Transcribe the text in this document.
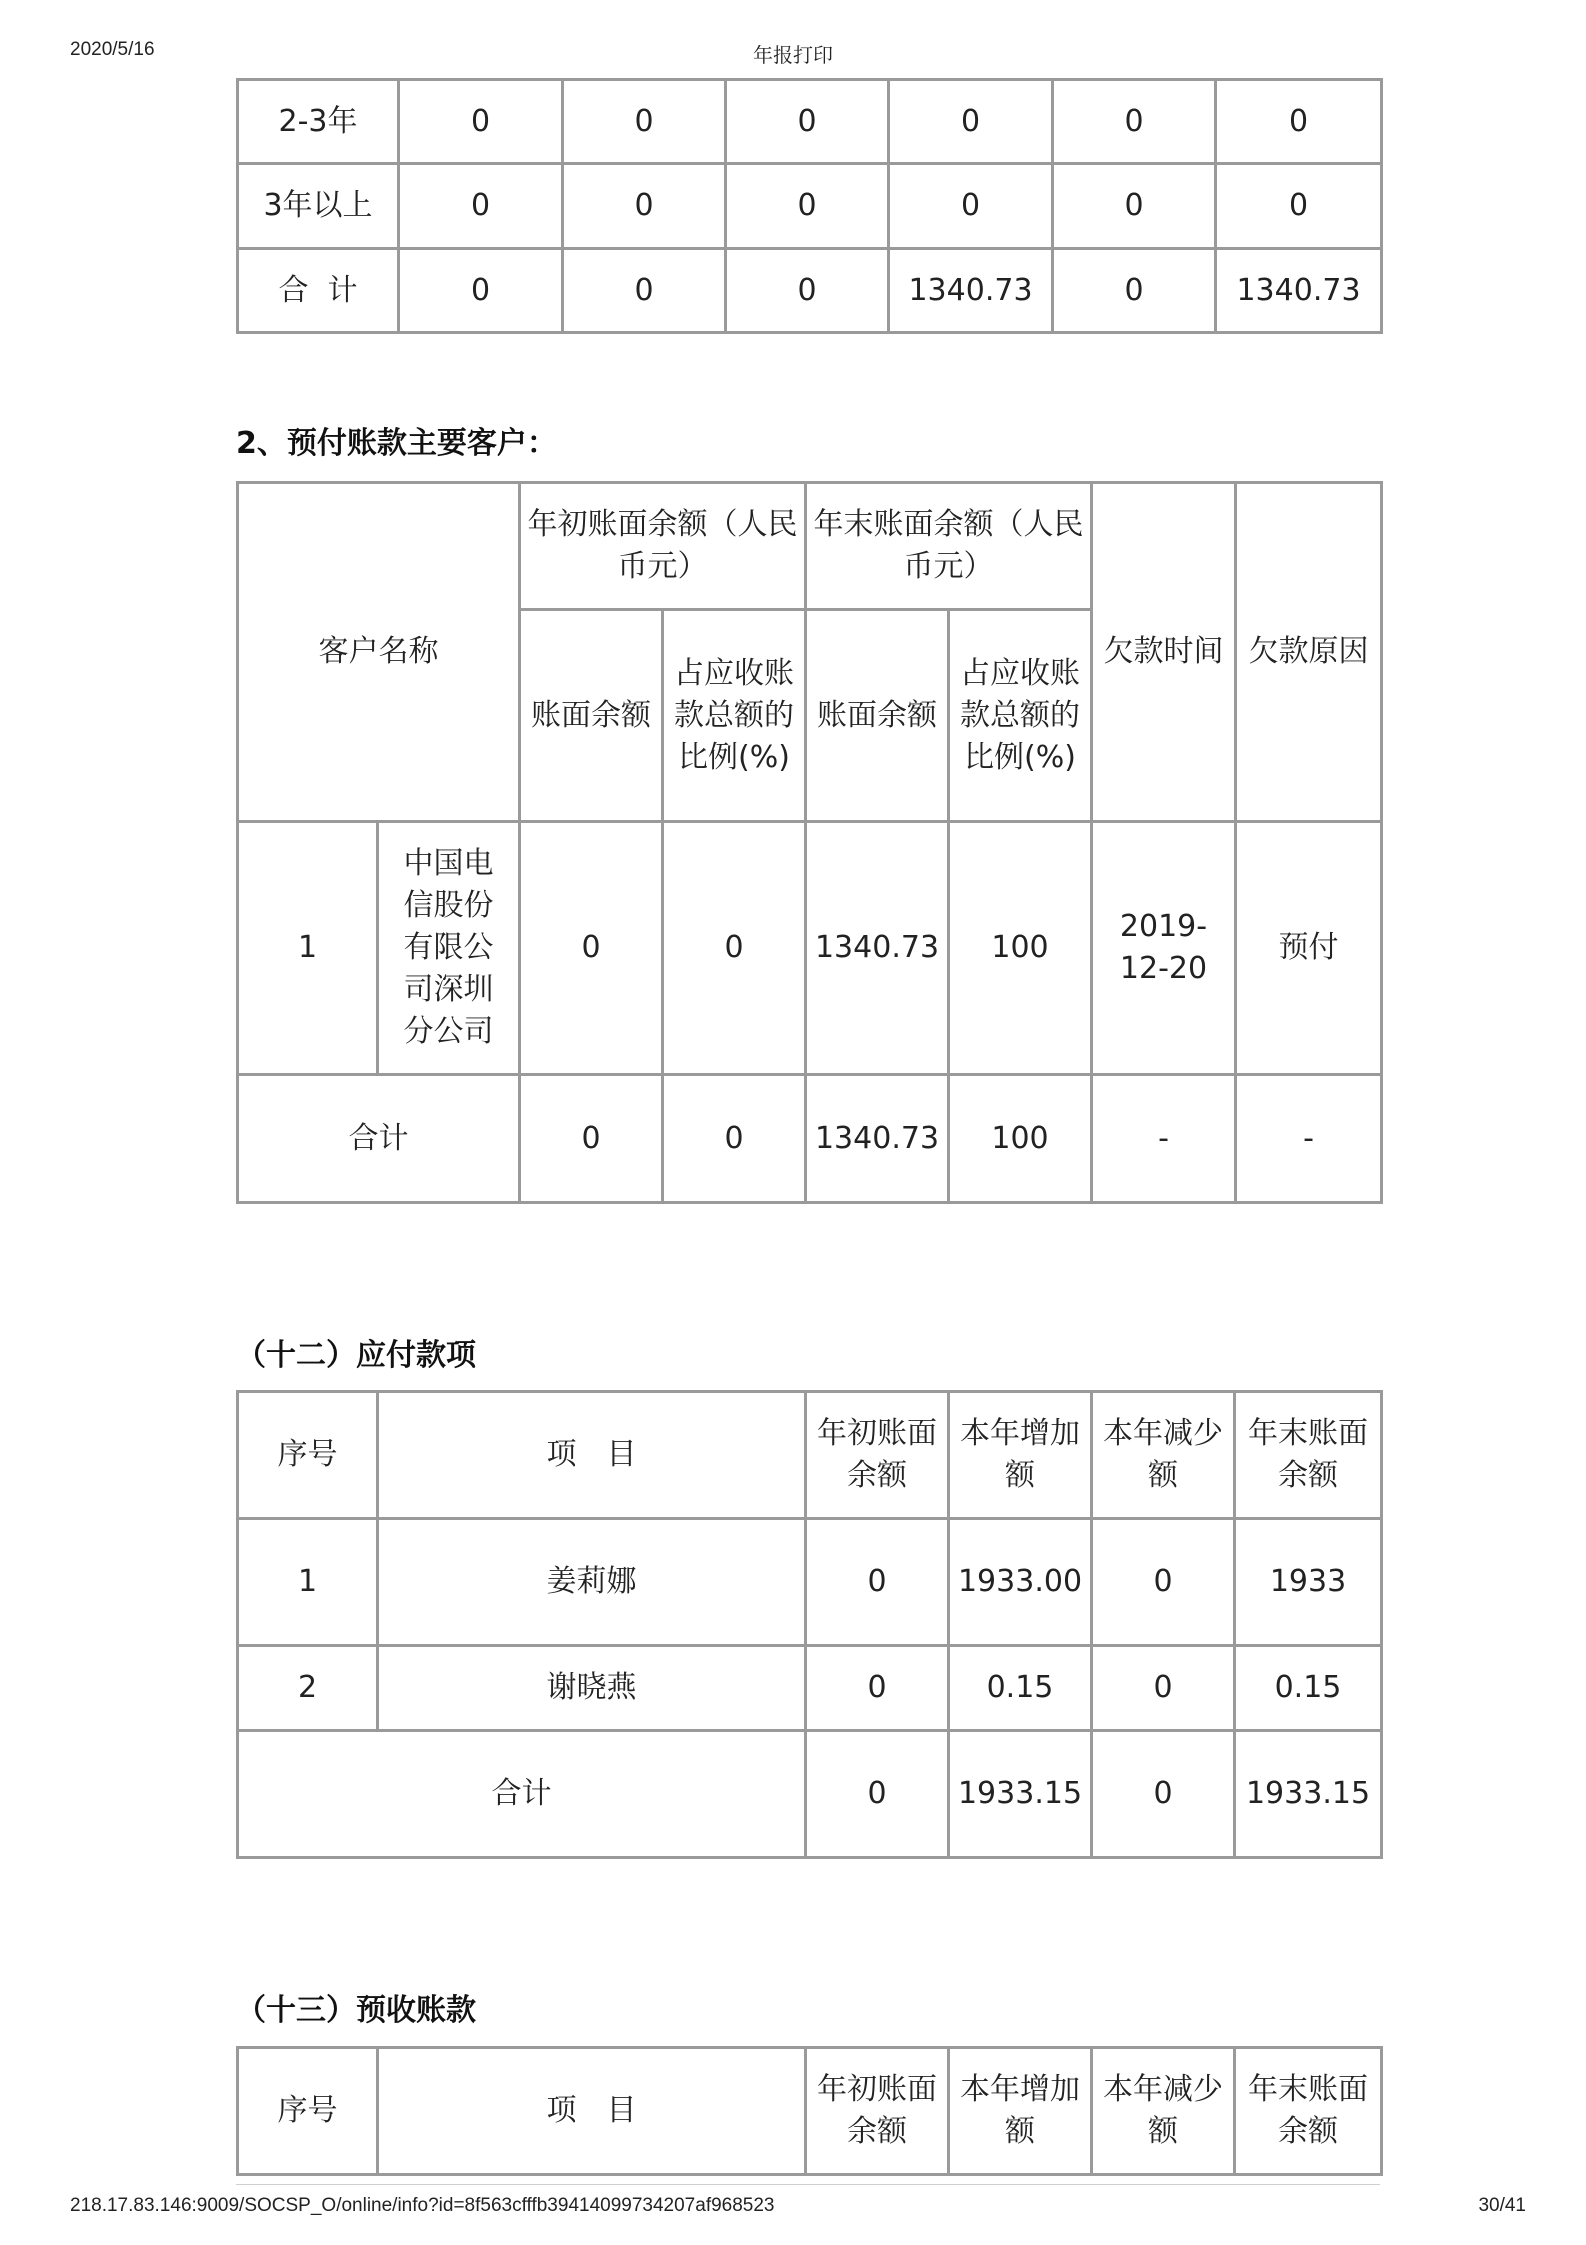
2020/5/16	年报打印
2-3年	0	0	0	0	0	0
3年以上	0	0	0	0	0	0
合  计	0	0	0	1340.73	0	1340.73
2、预付账款主要客户：
客户名称		年初账面余额（人民币元）		年末账面余额（人民币元）		欠款时间	欠款原因
		账面余额	占应收账款总额的比例(%)	账面余额	占应收账款总额的比例(%)		
1	中国电信股份有限公司深圳分公司	0	0	1340.73	100	2019-12-20	预付
合计		0	0	1340.73	100	-	-
（十二）应付款项
序号	项　目	年初账面余额	本年增加额	本年减少额	年末账面余额
1	姜莉娜	0	1933.00	0	1933
2	谢晓燕	0	0.15	0	0.15
合计		0	1933.15	0	1933.15
（十三）预收账款
序号	项　目	年初账面余额	本年增加额	本年减少额	年末账面余额
218.17.83.146:9009/SOCSP_O/online/info?id=8f563cfffb39414099734207af968523	30/41
